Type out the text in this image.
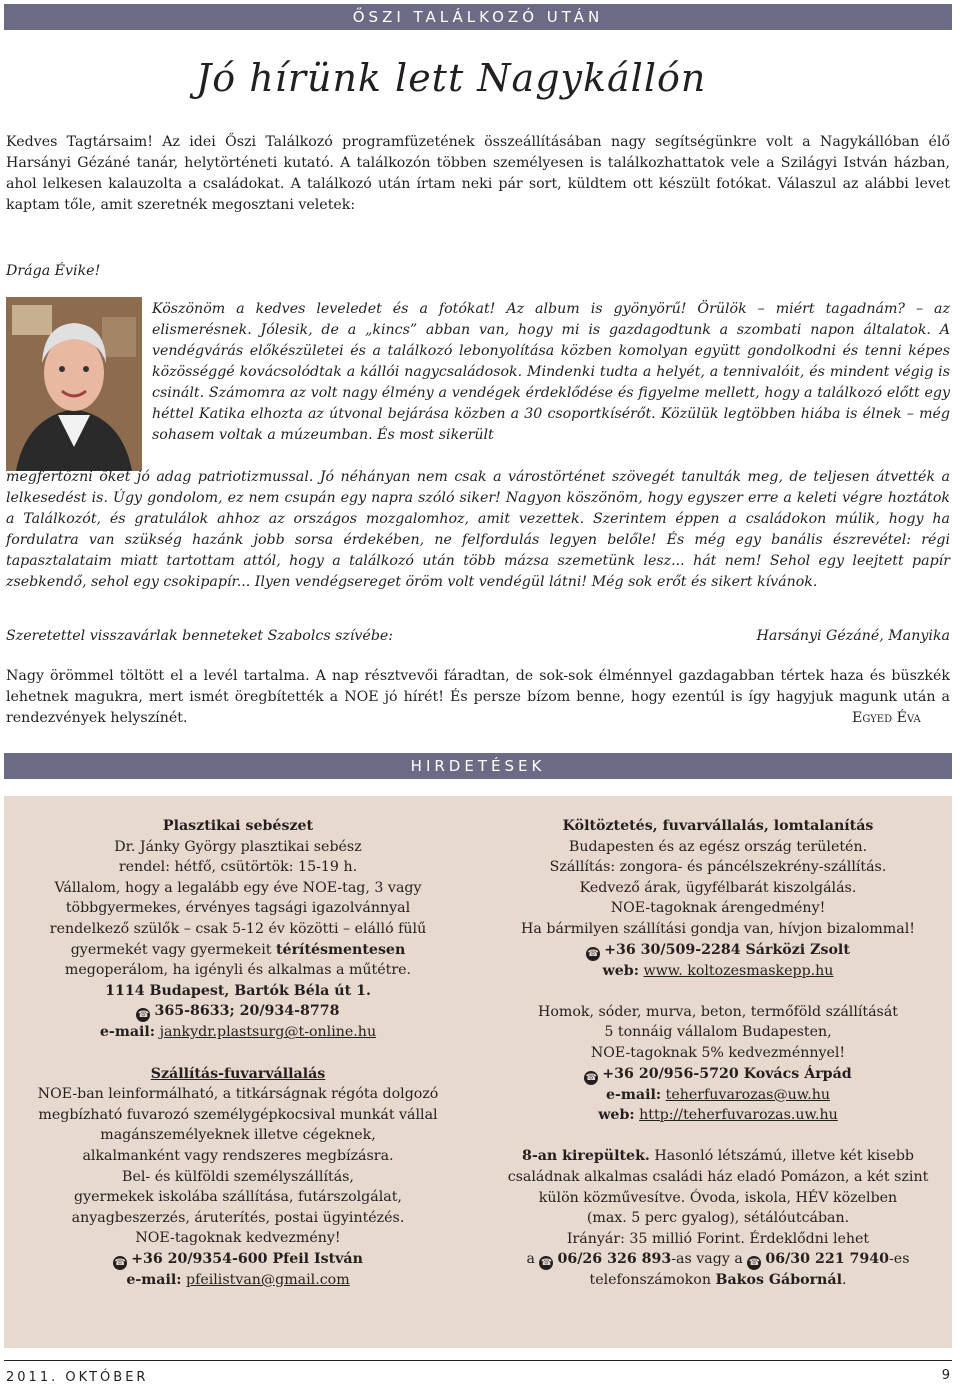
ŐSZI TALÁLKOZÓ UTÁN
Jó hírünk lett Nagykállón
Kedves Tagtársaim! Az idei Őszi Találkozó programfüzetének összeállításában nagy segítségünkre volt a Nagykállóban élő Harsányi Gézáné tanár, helytörténeti kutató. A találkozón többen személyesen is találkozhattatok vele a Szilágyi István házban, ahol lelkesen kalauzolta a családokat. A találkozó után írtam neki pár sort, küldtem ott készült fotókat. Válaszul az alábbi levet kaptam tőle, amit szeretnék megosztani veletek:
Drága Évike!
Köszönöm a kedves leveledet és a fotókat! Az album is gyönyörű! Örülök – miért tagadnám? – az elismerésnek. Jólesik, de a „kincs” abban van, hogy mi is gazdagodtunk a szombati napon általatok. A vendégvárás előkészületei és a találkozó lebonyolítása közben komolyan együtt gondolkodni és tenni képes közösséggé kovácsolódtak a kállói nagycsaládosok. Mindenki tudta a helyét, a tennivalóit, és mindent végig is csinált. Számomra az volt nagy élmény a vendégek érdeklődése és figyelme mellett, hogy a találkozó előtt egy héttel Katika elhozta az útvonal bejárása közben a 30 csoportkísérőt. Közülük legtöbben hiába is élnek – még sohasem voltak a múzeumban. És most sikerült
megfertőzni őket jó adag patriotizmussal. Jó néhányan nem csak a várostörténet szövegét tanulták meg, de teljesen átvették a lelkesedést is. Úgy gondolom, ez nem csupán egy napra szóló siker! Nagyon köszönöm, hogy egyszer erre a keleti végre hoztátok a Találkozót, és gratulálok ahhoz az országos mozgalomhoz, amit vezettek. Szerintem éppen a családokon múlik, hogy ha fordulatra van szükség hazánk jobb sorsa érdekében, ne felfordulás legyen belőle! És még egy banális észrevétel: régi tapasztalataim miatt tartottam attól, hogy a találkozó után több mázsa szemetünk lesz... hát nem! Sehol egy leejtett papír zsebkendő, sehol egy csokipapír... Ilyen vendégsereget öröm volt vendégül látni! Még sok erőt és sikert kívánok.
Szeretettel visszavárlak benneteket Szabolcs szívébe:	Harsányi Gézáné, Manyika
Nagy örömmel töltött el a levél tartalma. A nap résztvevői fáradtan, de sok-sok élménnyel gazdagabban tértek haza és büszkék lehetnek magukra, mert ismét öregbítették a NOE jó hírét! És persze bízom benne, hogy ezentúl is így hagyjuk magunk után a rendezvények helyszínét.	Egyed Éva
HIRDETÉSEK
Plasztikai sebészet
Dr. Jánky György plasztikai sebész
rendel: hétfő, csütörtök: 15-19 h.
Vállalom, hogy a legalább egy éve NOE-tag, 3 vagy
többgyermekes, érvényes tagsági igazolvánnyal
rendelkező szülők – csak 5-12 év közötti – elálló fülű
gyermekét vagy gyermekeit térítésmentesen
megoperálom, ha igényli és alkalmas a műtétre.
1114 Budapest, Bartók Béla út 1.
☎ 365-8633; 20/934-8778
e-mail: jankydr.plastsurg@t-online.hu
Szállítás-fuvarvállalás
NOE-ban leinformálható, a titkárságnak régóta dolgozó
megbízható fuvarozó személygépkocsival munkát vállal
magánszemélyeknek illetve cégeknek,
alkalmanként vagy rendszeres megbízásra.
Bel- és külföldi személyszállítás,
gyermekek iskolába szállítása, futárszolgálat,
anyagbeszerzés, áruterítés, postai ügyintézés.
NOE-tagoknak kedvezmény!
☎ +36 20/9354-600 Pfeil István
e-mail: pfeilistvan@gmail.com
Költöztetés, fuvarvállalás, lomtalanítás
Budapesten és az egész ország területén.
Szállítás: zongora- és páncélszekrény-szállítás.
Kedvező árak, ügyfélbarát kiszolgálás.
NOE-tagoknak árengedmény!
Ha bármilyen szállítási gondja van, hívjon bizalommal!
☎ +36 30/509-2284 Sárközi Zsolt
web: www. koltozesmaskepp.hu
Homok, sóder, murva, beton, termőföld szállítását
5 tonnáig vállalom Budapesten,
NOE-tagoknak 5% kedvezménnyel!
☎ +36 20/956-5720 Kovács Árpád
e-mail: teherfuvarozas@uw.hu
web: http://teherfuvarozas.uw.hu
8-an kirepültek. Hasonló létszámú, illetve két kisebb
családnak alkalmas családi ház eladó Pomázon, a két szint
külön közművesítve. Óvoda, iskola, HÉV közelben
(max. 5 perc gyalog), sétálóutcában.
Irányár: 35 millió Forint. Érdeklődni lehet
a ☎ 06/26 326 893-as vagy a ☎ 06/30 221 7940-es
telefonszámokon Bakos Gábornál.
2011. OKTÓBER	9
